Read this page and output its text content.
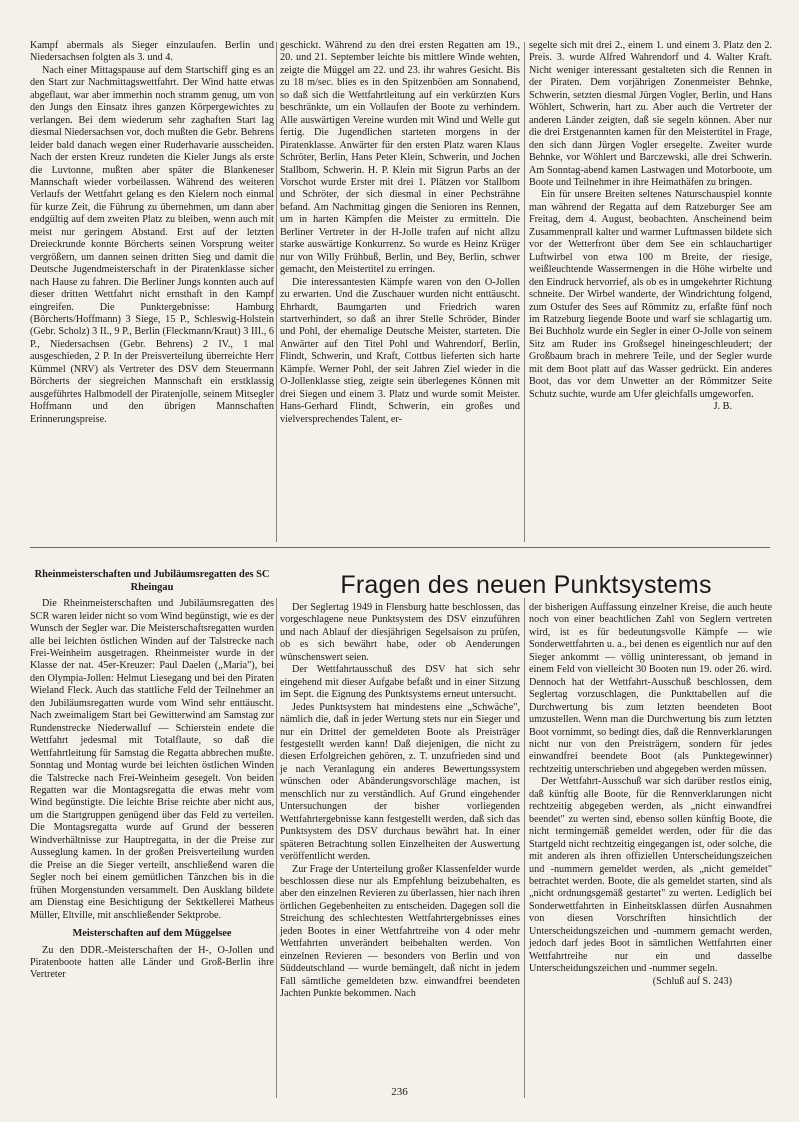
Kampf abermals als Sieger einzulaufen. Berlin und Niedersachsen folgten als 3. und 4.

Nach einer Mittagspause auf dem Startschiff ging es an den Start zur Nachmittagswettfahrt. Der Wind hatte etwas abgeflaut, war aber immerhin noch stramm genug, um von den Jungs den Einsatz ihres ganzen Körpergewichtes zu verlangen. Bei dem wiederum sehr zaghaften Start lag diesmal Niedersachsen vor, doch mußten die Gebr. Behrens leider bald danach wegen einer Ruderhavarie ausscheiden. Nach der ersten Kreuz rundeten die Kieler Jungs als erste die Luvtonne, mußten aber später die Blankeneser Mannschaft wieder vorbeilassen. Während des weiteren Verlaufs der Wettfahrt gelang es den Kielern noch einmal für kurze Zeit, die Führung zu übernehmen, um dann aber endgültig auf dem zweiten Platz zu bleiben, wenn auch mit meist nur geringem Abstand. Erst auf der letzten Dreieckrunde konnte Börcherts seinen Vorsprung weiter vergrößern, um dannen seinen dritten Sieg und damit die Deutsche Jugendmeisterschaft in der Piratenklasse sicher nach Hause zu fahren. Die Berliner Jungs konnten auch auf dieser dritten Wettfahrt nicht ernsthaft in den Kampf eingreifen. Die Punktergebnisse: Hamburg (Börcherts/Hoffmann) 3 Siege, 15 P., Schleswig-Holstein (Gebr. Scholz) 3 II., 9 P., Berlin (Fleckmann/Kraut) 3 III., 6 P., Niedersachsen (Gebr. Behrens) 2 IV., 1 mal ausgeschieden, 2 P. In der Preisverteilung überreichte Herr Kümmel (NRV) als Vertreter des DSV dem Steuermann Börcherts der siegreichen Mannschaft ein erstklassig ausgeführtes Halbmodell der Piratenjolle, seinem Mitsegler Hoffmann und den übrigen Mannschaften Erinnerungspreise.

geschickt. Während zu den drei ersten Regatten am 19., 20. und 21. September leichte bis mittlere Winde wehten, zeigte die Müggel am 22. und 23. ihr wahres Gesicht. Bis zu 18 m/sec. blies es in den Spitzenböen am Sonnabend, so daß sich die Wettfahrtleitung auf ein verkürzten Kurs beschränkte, um ein Vollaufen der Boote zu verhindern. Alle auswärtigen Vereine wurden mit Wind und Welle gut fertig. Die Jugendlichen starteten morgens in der Piratenklasse. Anwärter für den ersten Platz waren Klaus Schröter, Berlin, Hans Peter Klein, Schwerin, und Jochen Stallbom, Schwerin. H. P. Klein mit Sigrun Parbs an der Vorschot wurde Erster mit drei 1. Plätzen vor Stallbom und Schröter, der sich diesmal in einer Pechsträhne befand. Am Nachmittag gingen die Senioren ins Rennen, um in harten Kämpfen die Meister zu ermitteln. Die Berliner Vertreter in der H-Jolle trafen auf nicht allzu starke auswärtige Konkurrenz. So wurde es Heinz Krüger nur von Willy Frühbuß, Berlin, und Bey, Berlin, schwer gemacht, den Meistertitel zu erringen.

Die interessantesten Kämpfe waren von den O-Jollen zu erwarten. Und die Zuschauer wurden nicht enttäuscht. Ehrhardt, Baumgarten und Friedrich waren startverhindert, so daß an ihrer Stelle Schröder, Binder und Pohl, der ehemalige Deutsche Meister, starteten. Die Anwärter auf den Titel Pohl und Wahrendorf, Berlin, Flindt, Schwerin, und Kraft, Cottbus lieferten sich harte Kämpfe. Werner Pohl, der seit Jahren Ziel wieder in die O-Jollenklasse stieg, zeigte sein überlegenes Können mit drei Siegen und einem 3. Platz und wurde somit Meister. Hans-Gerhard Flindt, Schwerin, ein großes und vielversprechendes Talent, er-

segelte sich mit drei 2., einem 1. und einem 3. Platz den 2. Preis. 3. wurde Alfred Wahrendorf und 4. Walter Kraft. Nicht weniger interessant gestalteten sich die Rennen in der Piraten. Dem vorjährigen Zonenmeister Behnke, Schwerin, setzten diesmal Jürgen Vogler, Berlin, und Hans Wöhlert, Schwerin, hart zu. Aber auch die Vertreter der anderen Länder zeigten, daß sie segeln können. Aber nur die drei Erstgenannten kamen für den Meistertitel in Frage, den sich dann Jürgen Vogler ersegelte. Zweiter wurde Behnke, vor Wöhlert und Barczewski, alle drei Schwerin. Am Sonntag-abend kamen Lastwagen und Motorboote, um Boote und Teilnehmer in ihre Heimathäfen zu bringen.

Ein für unsere Breiten seltenes Naturschauspiel konnte man während der Regatta auf dem Ratzeburger See am Freitag, dem 4. August, beobachten. Anscheinend beim Zusammenprall kalter und warmer Luftmassen bildete sich vor der Wetterfront über dem See ein schlauchartiger Luftwirbel von etwa 100 m Breite, der riesige, weißleuchtende Wassermengen in die Höhe wirbelte und den Eindruck hervorrief, als ob es in umgekehrter Richtung schneite. Der Wirbel wanderte, der Windrichtung folgend, zum Ostufer des Sees auf Römmitz zu, erfaßte fünf noch im Ratzeburg liegende Boote und warf sie schlagartig um. Bei Buchholz wurde ein Segler in einer O-Jolle von seinem Sitz am Ruder ins Großsegel hineingeschleudert; der Großbaum brach in mehrere Teile, und der Segler wurde mit dem Boot platt auf das Wasser gedrückt. Ein anderes Boot, das vor dem Unwetter an der Römmitzer Seite Schutz suchte, wurde am Ufer gleichfalls umgeworfen.

J. B.

Rheinmeisterschaften und Jubiläumsregatten des SC Rheingau

Die Rheinmeisterschaften und Jubiläumsregatten des SCR waren leider nicht so vom Wind begünstigt, wie es der Wunsch der Segler war. Die Meisterschaftsregatten wurden alle bei leichten östlichen Winden auf der Talstrecke nach Frei-Weinheim ausgetragen. Rheinmeister wurde in der Klasse der nat. 45er-Kreuzer: Paul Daelen („Maria"), bei den Olympia-Jollen: Helmut Liesegang und bei den Piraten Wieland Fleck. Auch das stattliche Feld der Teilnehmer an den Jubiläumsregatten wurde vom Wind sehr enttäuscht. Nach zweimaligem Start bei Gewitterwind am Samstag zur Rundenstrecke Niederwalluf — Schierstein endete die Wettfahrt jedesmal mit Totalflaute, so daß die Wettfahrtleitung für Samstag die Regatta abbrechen mußte. Sonntag und Montag wurde bei leichten östlichen Winden die Talstrecke nach Frei-Weinheim gesegelt. Von beiden Regatten war die Montagsregatta die etwas mehr vom Wind begünstigte. Die leichte Brise reichte aber nicht aus, um die Startgruppen genügend über das Feld zu verteilen. Die Montagsregatta wurde auf Grund der besseren Windverhältnisse zur Hauptregatta, in der die Preise zur Ausseglung kamen. In der großen Preisverteilung wurden die Preise an die Sieger verteilt, anschließend waren die Segler noch bei einem gemütlichen Tänzchen bis in die frühen Morgenstunden versammelt. Den Ausklang bildete am Dienstag eine Besichtigung der Sektkellerei Matheus Müller, Eltville, mit anschließender Sektprobe.

Meisterschaften auf dem Müggelsee

Zu den DDR.-Meisterschaften der H-, O-Jollen und Piratenboote hatten alle Länder und Groß-Berlin ihre Vertreter

Fragen des neuen Punktsystems

Der Seglertag 1949 in Flensburg hatte beschlossen, das vorgeschlagene neue Punktsystem des DSV einzuführen und nach Ablauf der diesjährigen Segelsaison zu prüfen, ob es sich bewährt habe, oder ob Aenderungen wünschenswert seien.

Der Wettfahrtausschuß des DSV hat sich sehr eingehend mit dieser Aufgabe befaßt und in einer Sitzung im Sept. die Eignung des Punktsystems erneut untersucht.

Jedes Punktsystem hat mindestens eine „Schwäche", nämlich die, daß in jeder Wertung stets nur ein Sieger und nur ein Drittel der gemeldeten Boote als Preisträger festgestellt werden kann! Daß diejenigen, die nicht zu diesen Erfolgreichen gehören, z. T. unzufrieden sind und je nach Veranlagung ein anderes Bewertungssystem wünschen oder Abänderungsvorschläge machen, ist menschlich nur zu verständlich. Auf Grund eingehender Untersuchungen der bisher vorliegenden Wettfahrtergebnisse kann festgestellt werden, daß sich das Punktsystem des DSV durchaus bewährt hat. In einer späteren Betrachtung sollen Einzelheiten der Auswertung veröffentlicht werden.

Zur Frage der Unterteilung großer Klassenfelder wurde beschlossen diese nur als Empfehlung beizubehalten, es aber den einzelnen Revieren zu überlassen, hier nach ihren örtlichen Gegebenheiten zu entscheiden. Dagegen soll die Streichung des schlechtesten Wettfahrtergebnisses eines jeden Bootes in einer Wettfahrtreihe von 4 oder mehr Wettfahrten unverändert beibehalten werden. Von einzelnen Revieren — besonders von Berlin und von Süddeutschland — wurde bemängelt, daß nicht in jedem Fall sämtliche gemeldeten bzw. einwandfrei beendeten Jachten Punkte bekommen. Nach

der bisherigen Auffassung einzelner Kreise, die auch heute noch von einer beachtlichen Zahl von Seglern vertreten wird, ist es für bedeutungsvolle Kämpfe — wie Sonderwettfahrten u. a., bei denen es eigentlich nur auf den Sieger ankommt — völlig uninteressant, ob jemand in einem Feld von vielleicht 30 Booten nun 19. oder 26. wird. Dennoch hat der Wettfahrt-Ausschuß beschlossen, dem Seglertag vorzuschlagen, die Punkttabellen auf die Durchwertung bis zum letzten beendeten Boot umzustellen. Wenn man die Durchwertung bis zum letzten Boot vornimmt, so bedingt dies, daß die Rennverklarungen nicht nur von den Preisträgern, sondern für jedes einwandfrei beendete Boot (als Punktegewinner) rechtzeitig unterschrieben und abgegeben werden müssen.

Der Wettfahrt-Ausschuß war sich darüber restlos einig, daß künftig alle Boote, für die Rennverklarungen nicht rechtzeitig abgegeben werden, als „nicht einwandfrei beendet" zu werten sind, ebenso sollen künftig Boote, die nicht termingemäß gemeldet werden, oder für die das Startgeld nicht rechtzeitig eingegangen ist, oder solche, die mit anderen als ihren offiziellen Unterscheidungszeichen und -nummern gemeldet werden, als „nicht gemeldet" betrachtet werden. Boote, die als gemeldet starten, sind als „nicht ordnungsgemäß gestartet" zu werten. Lediglich bei Sonderwettfahrten in Einheitsklassen dürfen Ausnahmen von diesen Vorschriften hinsichtlich der Unterscheidungszeichen und -nummern gemacht werden, jedoch darf jedes Boot in sämtlichen Wettfahrten einer Wettfahrtreihe nur ein und dasselbe Unterscheidungszeichen und -nummer segeln.

(Schluß auf S. 243)

236
